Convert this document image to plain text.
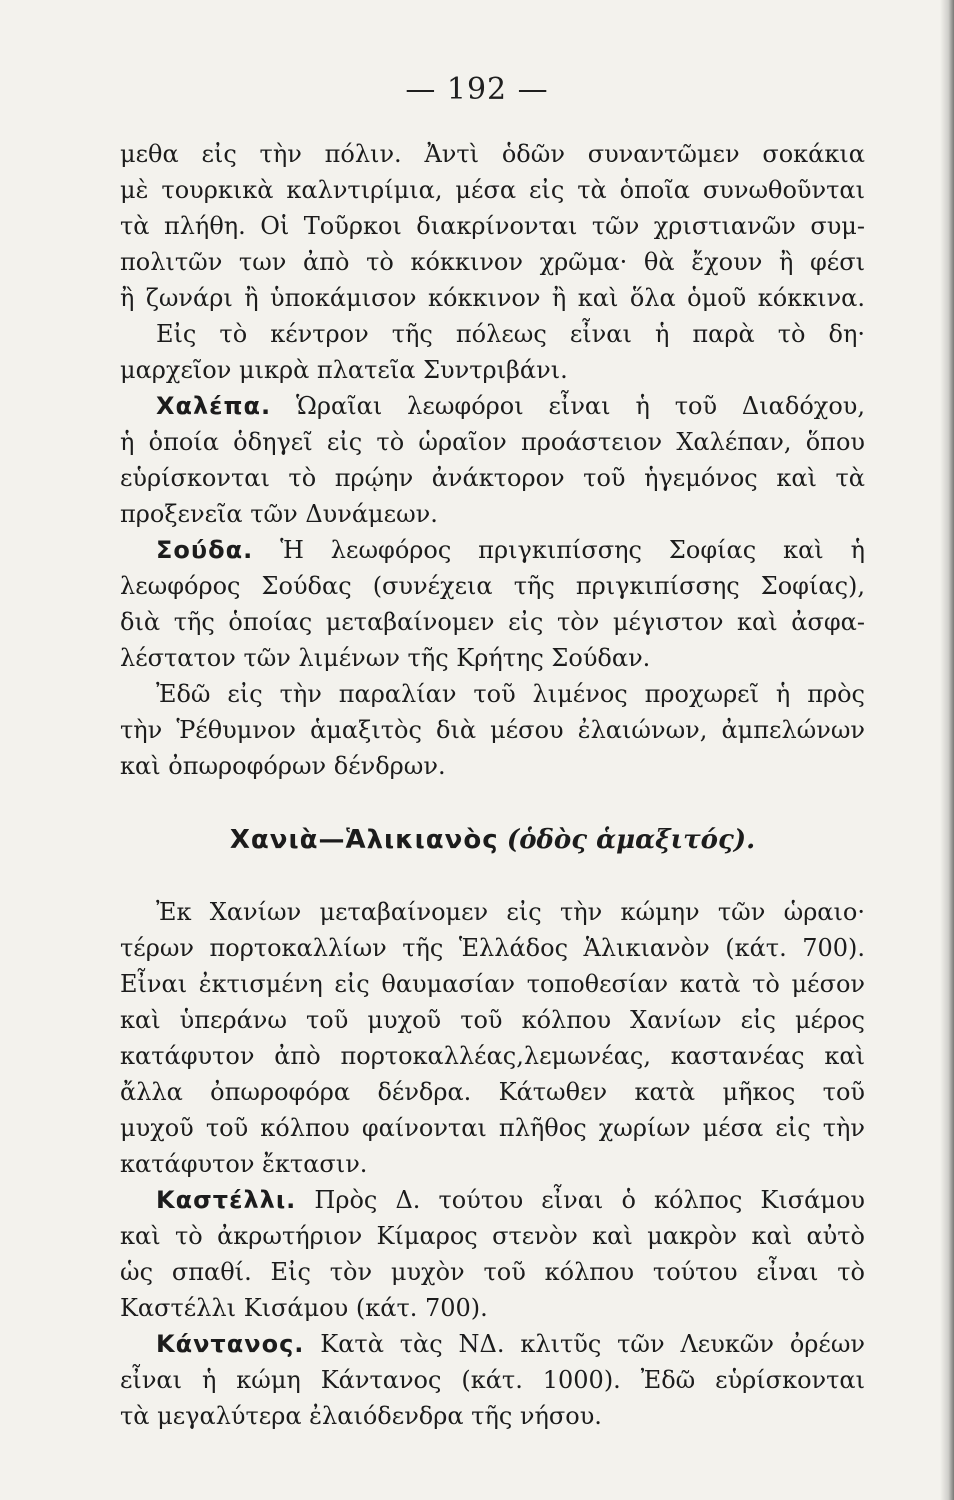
— 192 —
μεθα εἰς τὴν πόλιν. Ἀντὶ ὁδῶν συναντῶμεν σοκάκια
μὲ τουρκικὰ καλντιρίμια, μέσα εἰς τὰ ὁποῖα συνωθοῦνται
τὰ πλήθη. Οἱ Τοῦρκοι διακρίνονται τῶν χριστιανῶν συμ-
πολιτῶν των ἀπὸ τὸ κόκκινον χρῶμα· θὰ ἔχουν ἢ φέσι
ἢ ζωνάρι ἢ ὑποκάμισον κόκκινον ἢ καὶ ὅλα ὁμοῦ κόκκινα.
Εἰς τὸ κέντρον τῆς πόλεως εἶναι ἡ παρὰ τὸ δη·
μαρχεῖον μικρὰ πλατεῖα Συντριβάνι.
Χαλέπα. Ὡραῖαι λεωφόροι εἶναι ἡ τοῦ Διαδόχου,
ἡ ὁποία ὁδηγεῖ εἰς τὸ ὡραῖον προάστειον Χαλέπαν, ὅπου
εὑρίσκονται τὸ πρῴην ἀνάκτορον τοῦ ἡγεμόνος καὶ τὰ
προξενεῖα τῶν Δυνάμεων.
Σούδα. Ἡ λεωφόρος πριγκιπίσσης Σοφίας καὶ ἡ
λεωφόρος Σούδας (συνέχεια τῆς πριγκιπίσσης Σοφίας),
διὰ τῆς ὁποίας μεταβαίνομεν εἰς τὸν μέγιστον καὶ ἀσφα-
λέστατον τῶν λιμένων τῆς Κρήτης Σούδαν.
Ἐδῶ εἰς τὴν παραλίαν τοῦ λιμένος προχωρεῖ ἡ πρὸς
τὴν Ῥέθυμνον ἁμαξιτὸς διὰ μέσου ἐλαιώνων, ἀμπελώνων
καὶ ὀπωροφόρων δένδρων.
Χανιὰ—Ἁλικιανὸς (ὁδὸς ἁμαξιτός).
Ἐκ Χανίων μεταβαίνομεν εἰς τὴν κώμην τῶν ὡραιο·
τέρων πορτοκαλλίων τῆς Ἑλλάδος Ἁλικιανὸν (κάτ. 700).
Εἶναι ἐκτισμένη εἰς θαυμασίαν τοποθεσίαν κατὰ τὸ μέσον
καὶ ὑπεράνω τοῦ μυχοῦ τοῦ κόλπου Χανίων εἰς μέρος
κατάφυτον ἀπὸ πορτοκαλλέας,λεμωνέας, καστανέας καὶ
ἄλλα ὀπωροφόρα δένδρα. Κάτωθεν κατὰ μῆκος τοῦ
μυχοῦ τοῦ κόλπου φαίνονται πλῆθος χωρίων μέσα εἰς τὴν
κατάφυτον ἔκτασιν.
Καστέλλι. Πρὸς Δ. τούτου εἶναι ὁ κόλπος Κισάμου
καὶ τὸ ἀκρωτήριον Κίμαρος στενὸν καὶ μακρὸν καὶ αὐτὸ
ὡς σπαθί. Εἰς τὸν μυχὸν τοῦ κόλπου τούτου εἶναι τὸ
Καστέλλι Κισάμου (κάτ. 700).
Κάντανος. Κατὰ τὰς ΝΔ. κλιτῦς τῶν Λευκῶν ὀρέων
εἶναι ἡ κώμη Κάντανος (κάτ. 1000). Ἐδῶ εὑρίσκονται
τὰ μεγαλύτερα ἐλαιόδενδρα τῆς νήσου.
